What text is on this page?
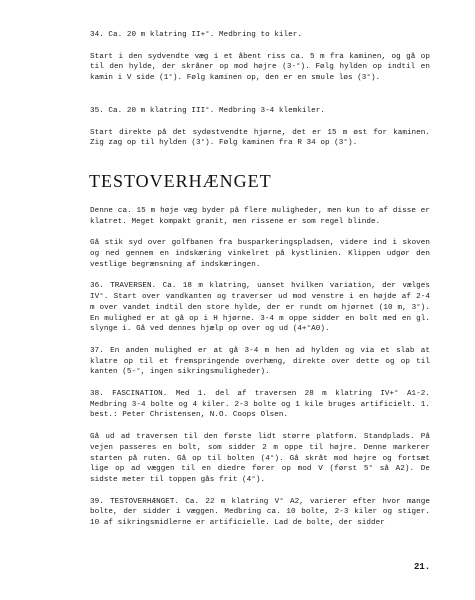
34. Ca. 20 m klatring II+°. Medbring to kiler.

Start i den sydvendte væg i et åbent riss ca. 5 m fra kaminen, og gå op til den hylde, der skråner op mod højre (3-°). Følg hylden op indtil en kamin i V side (1°). Følg kaminen op, den er en smule løs (3°).

35. Ca. 20 m klatring III°. Medbring 3-4 klemkiler.

Start direkte på det sydøstvendte hjørne, det er 15 m øst for kaminen. Zig zag op til hylden (3°). Følg kaminen fra R 34 op (3°).

TESTOVERHÆNGET

Denne ca. 15 m høje væg byder på flere muligheder, men kun to af disse er klatret. Meget kompakt granit, men rissene er som regel blinde.

Gå stik syd over golfbanen fra busparkeringspladsen, videre ind i skoven og ned gennem en indskæring vinkelret på kystlinien. Klippen udgør den vestlige begrænsning af indskæringen.

36. TRAVERSEN. Ca. 18 m klatring, uanset hvilken variation, der vælges IV°. Start over vandkanten og traverser ud mod venstre i en højde af 2-4 m over vandet indtil den store hylde, der er rundt om hjørnet (10 m, 3°). En mulighed er at gå op i H hjørne. 3-4 m oppe sidder en bolt med en gl. slynge i. Gå ved dennes hjælp op over og ud (4+°A0).

37. En anden mulighed er at gå 3-4 m hen ad hylden og via et slab at klatre op til et fremspringende overhæng, direkte over dette og op til kanten (5-°, ingen sikringsmuligheder).

38. FASCINATION. Med 1. del af traversen 28 m klatring IV+° A1-2. Medbring 3-4 bolte og 4 kiler. 2-3 bolte og 1 kile bruges artificielt. 1. best.: Peter Christensen, N.O. Coops Olsen.

Gå ud ad traversen til den første lidt større platform. Standplads. På vejen passeres en bolt, som sidder 2 m oppe til højre. Denne markerer starten på ruten. Gå op til bolten (4°). Gå skråt mod højre og fortsæt lige op ad væggen til en diedre fører op mod V (først 5° så A2). De sidste meter til toppen gås frit (4°).

39. TESTOVERHÆNGET. Ca. 22 m klatring V° A2, varierer efter hvor mange bolte, der sidder i væggen. Medbring ca. 10 bolte, 2-3 kiler og stiger. 10 af sikringsmidlerne er artificielle. Lad de bolte, der sidder

21.
